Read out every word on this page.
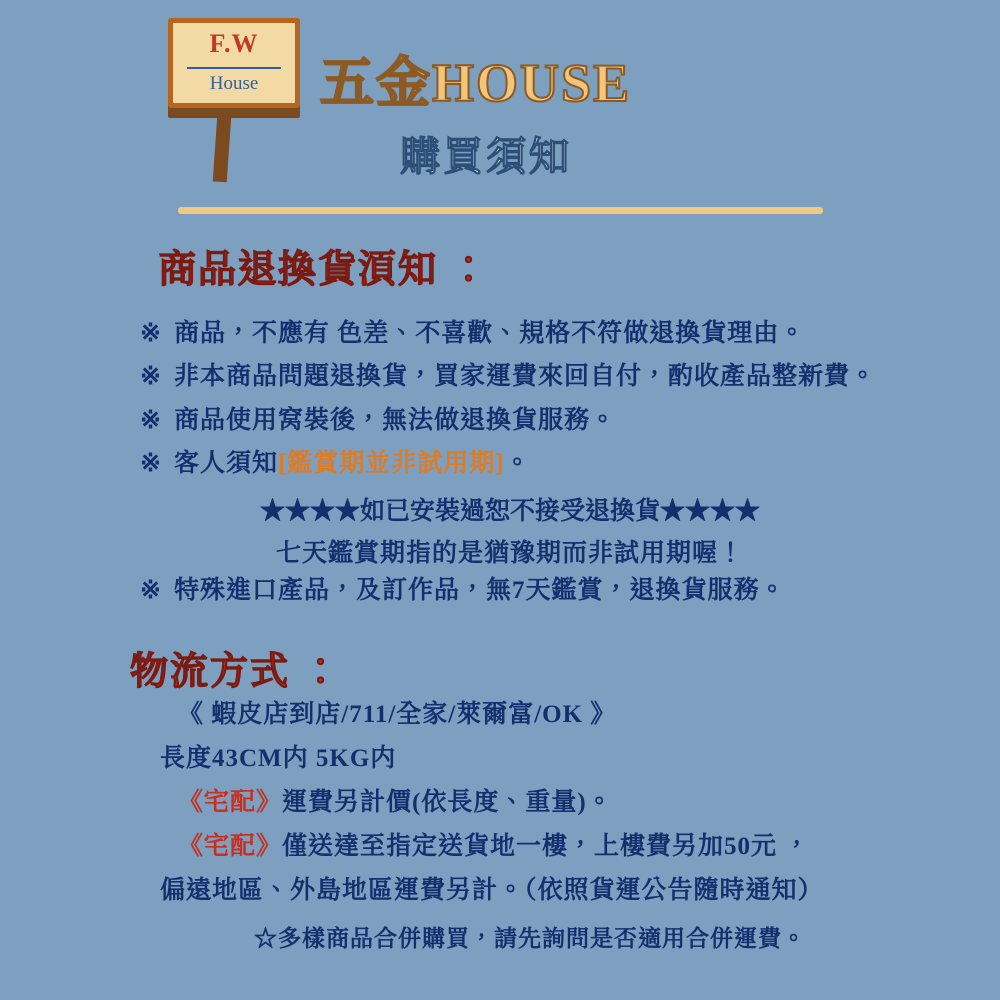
F.W
House	五金HOUSE
購買須知
商品退換貨湏知 ：
※ 商品，不應有 色差、不喜歡、規格不符做退換貨理由。
※ 非本商品問題退換貨，買家運費來回自付，酌收產品整新費。
※ 商品使用窝裝後，無法做退換貨服務。
※ 客人須知[鑑賞期並非試用期]。
★★★★如已安裝過恕不接受退換貨★★★★
七天鑑賞期指的是猶豫期而非試用期喔！
※ 特殊進口產品，及訂作品，無7天鑑賞，退換貨服務。
物流方式 ：
《 蝦皮店到店/711/全家/萊爾富/OK 》
長度43CM内 5KG内
《宅配》運費另計價(依長度、重量)。
《宅配》僅送達至指定送貨地一樓，上樓費另加50元 ，
偏遠地區、外島地區運費另計。（依照貨運公告隨時通知）
☆多樣商品合併購買，請先詢問是否適用合併運費。
